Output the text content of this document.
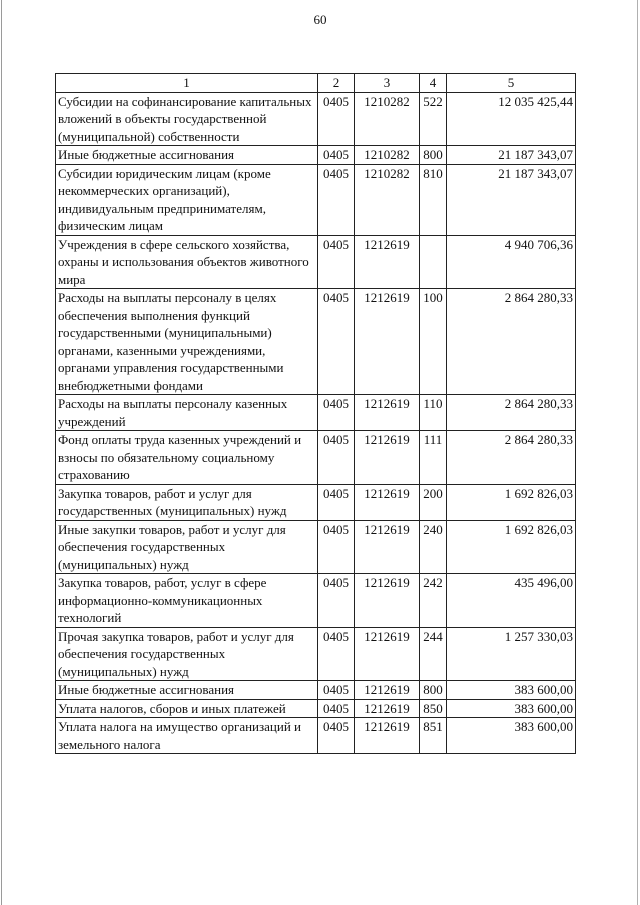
60
1	2	3	4	5
Субсидии на софинансирование капитальных вложений в объекты государственной (муниципальной) собственности	0405	1210282	522	12 035 425,44
Иные бюджетные ассигнования	0405	1210282	800	21 187 343,07
Субсидии юридическим лицам (кроме некоммерческих организаций), индивидуальным предпринимателям, физическим лицам	0405	1210282	810	21 187 343,07
Учреждения в сфере сельского хозяйства, охраны и использования объектов животного мира	0405	1212619		4 940 706,36
Расходы на выплаты персоналу в целях обеспечения выполнения функций государственными (муниципальными) органами, казенными учреждениями, органами управления государственными внебюджетными фондами	0405	1212619	100	2 864 280,33
Расходы на выплаты персоналу казенных учреждений	0405	1212619	110	2 864 280,33
Фонд оплаты труда казенных учреждений и взносы по обязательному социальному страхованию	0405	1212619	111	2 864 280,33
Закупка товаров, работ и услуг для государственных (муниципальных) нужд	0405	1212619	200	1 692 826,03
Иные закупки товаров, работ и услуг для обеспечения государственных (муниципальных) нужд	0405	1212619	240	1 692 826,03
Закупка товаров, работ, услуг в сфере информационно-коммуникационных технологий	0405	1212619	242	435 496,00
Прочая закупка товаров, работ и услуг для обеспечения государственных (муниципальных) нужд	0405	1212619	244	1 257 330,03
Иные бюджетные ассигнования	0405	1212619	800	383 600,00
Уплата налогов, сборов и иных платежей	0405	1212619	850	383 600,00
Уплата налога на имущество организаций и земельного налога	0405	1212619	851	383 600,00
